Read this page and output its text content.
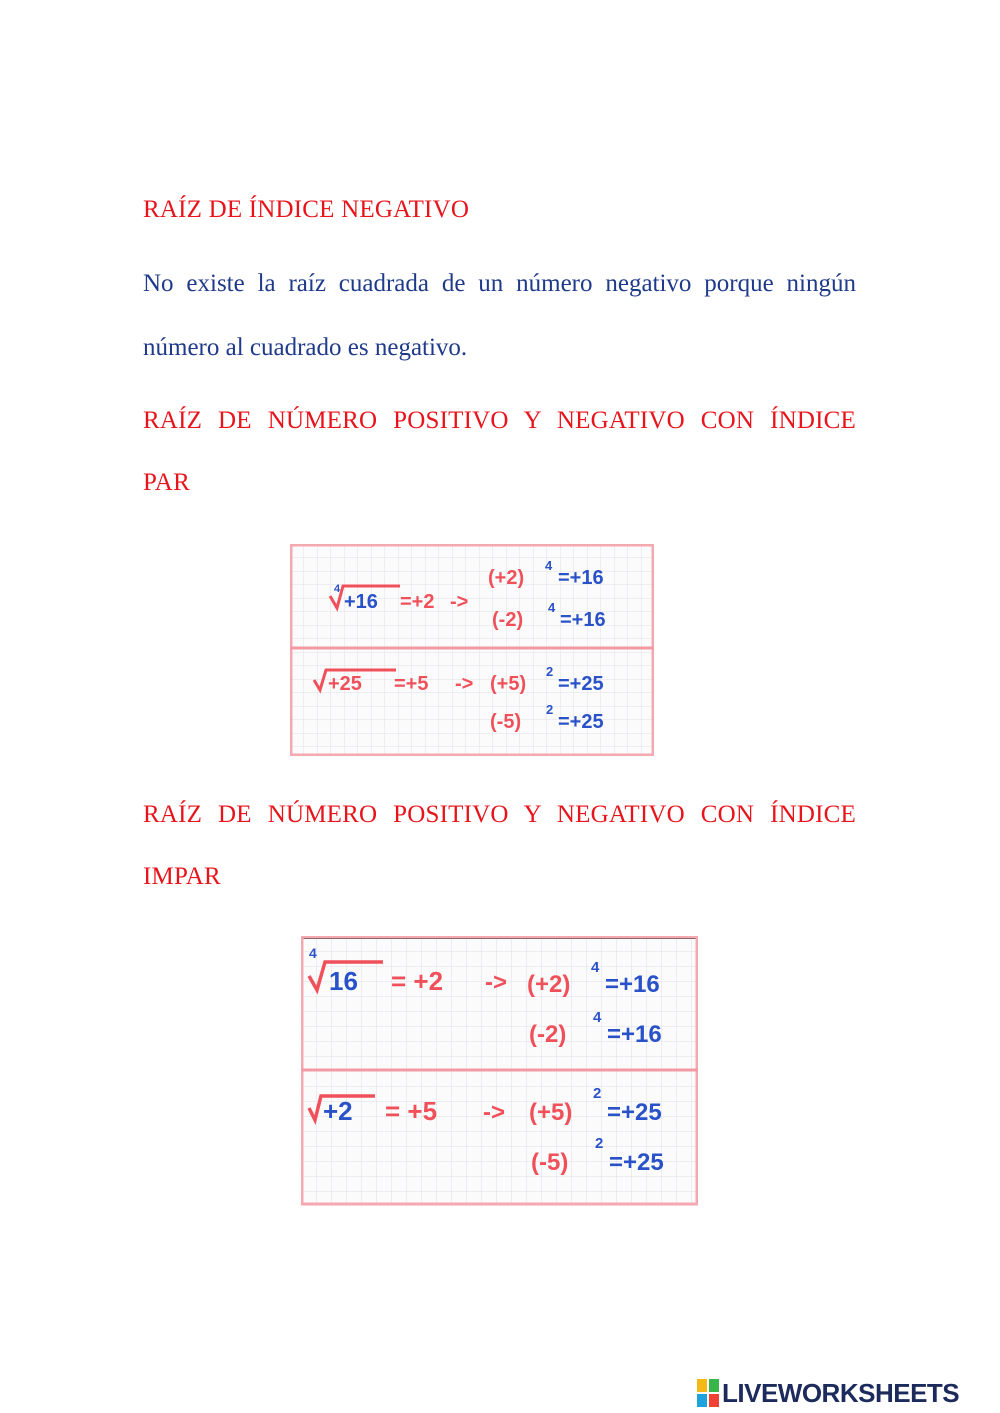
RAÍZ DE ÍNDICE NEGATIVO
No existe la raíz cuadrada de un número negativo porque ningún
número al cuadrado es negativo.
RAÍZ DE NÚMERO POSITIVO Y NEGATIVO CON ÍNDICE
PAR
4
+16 =+2 ->
(+2)
4
=+16
(-2)
4
=+16
+25 =+5 -> (+5)
2
=+25
(-5)
2
=+25
RAÍZ DE NÚMERO POSITIVO Y NEGATIVO CON ÍNDICE
IMPAR
4
16 = +2 -> (+2)
4
=+16
(-2)
4
=+16
+2 = +5 -> (+5)
2
=+25
(-5)
2
=+25
LIVEWORKSHEETS
